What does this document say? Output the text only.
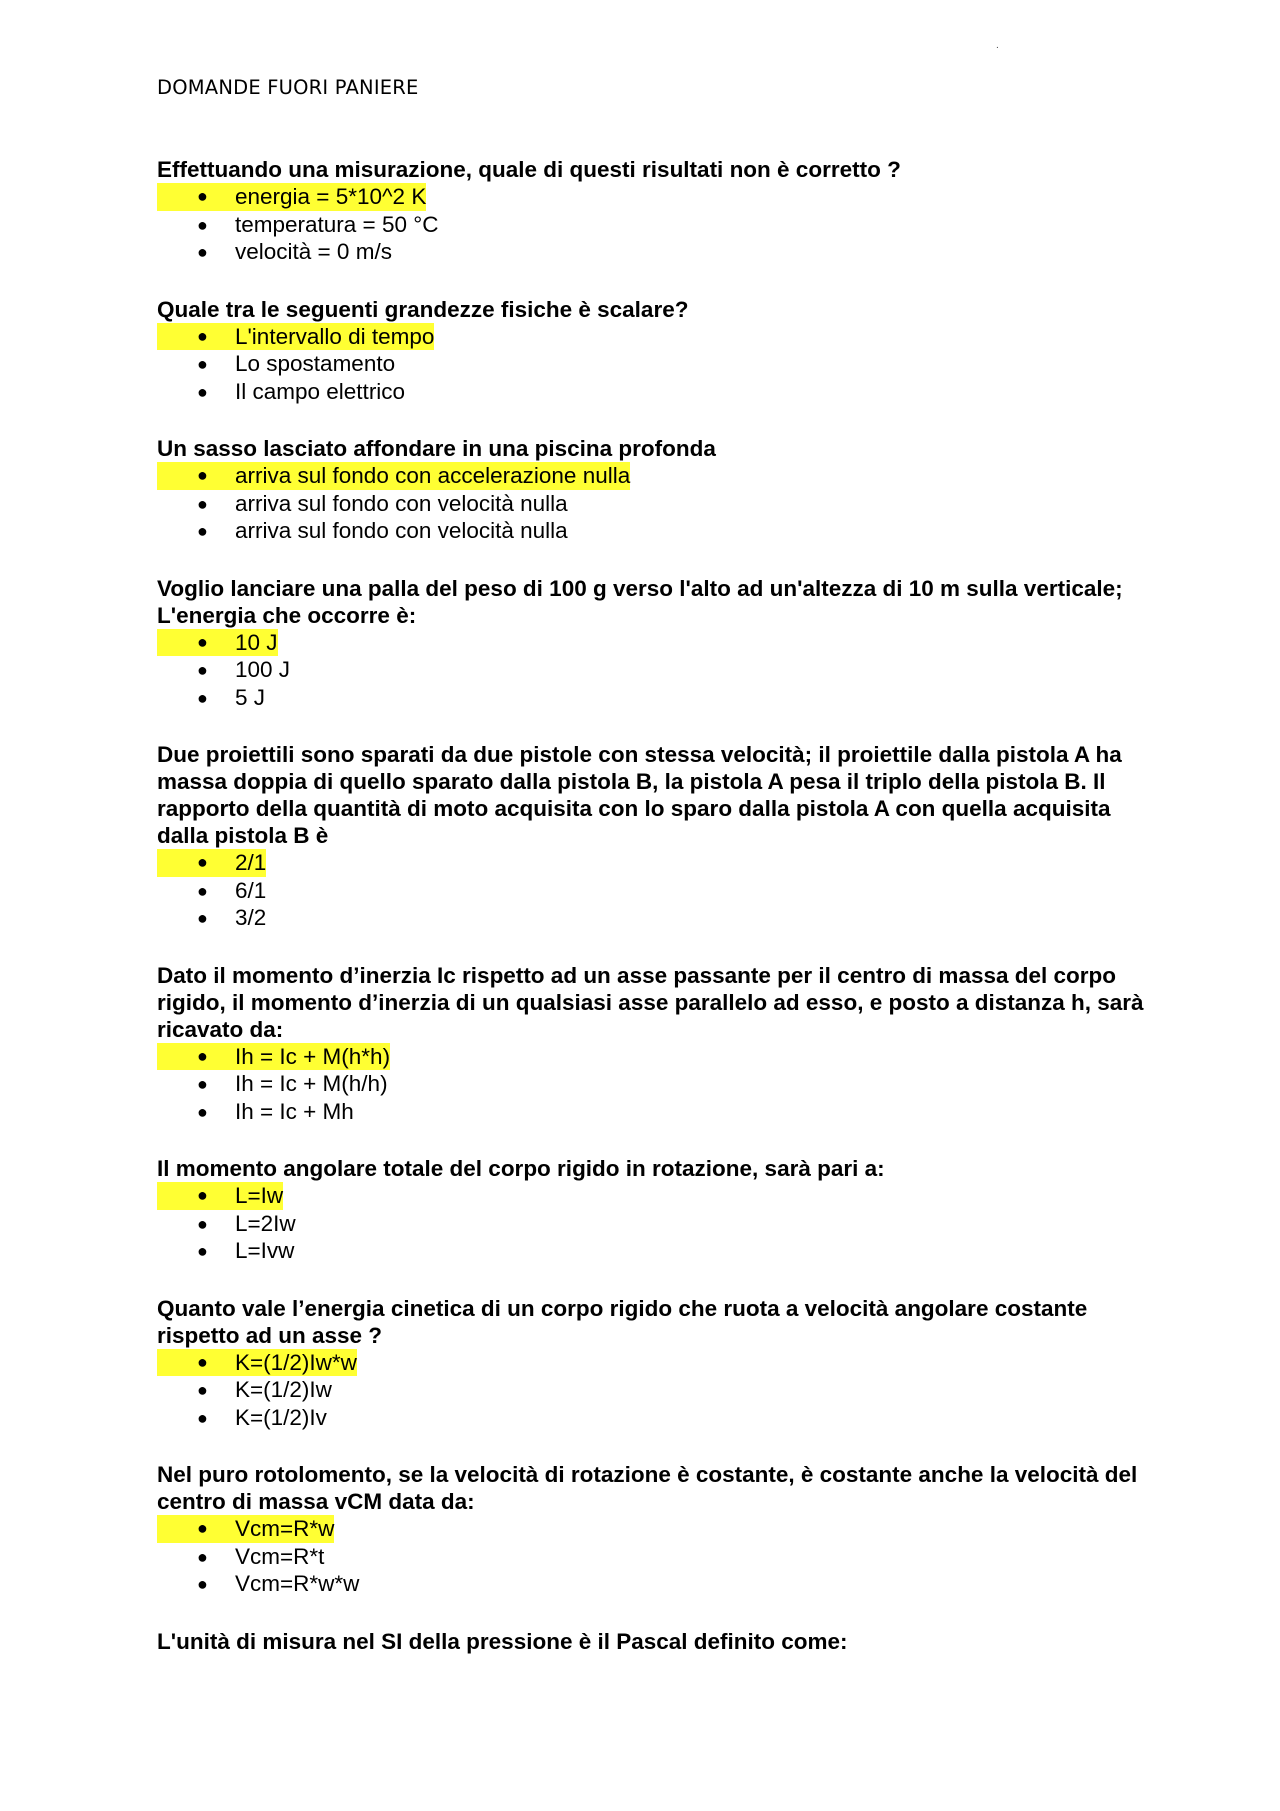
.
DOMANDE FUORI PANIERE

Effettuando una misurazione, quale di questi risultati non è corretto ?

●	energia = 5*10^2 K
●	temperatura = 50 °C
●	velocità = 0 m/s

Quale tra le seguenti grandezze fisiche è scalare?

●	L'intervallo di tempo
●	Lo spostamento
●	Il campo elettrico

Un sasso lasciato affondare in una piscina profonda

●	arriva sul fondo con accelerazione nulla
●	arriva sul fondo con velocità nulla
●	arriva sul fondo con velocità nulla

Voglio lanciare una palla del peso di 100 g verso l'alto ad un'altezza di 10 m sulla verticale; L'energia che occorre è:

●	10 J
●	100 J
●	5 J

Due proiettili sono sparati da due pistole con stessa velocità; il proiettile dalla pistola A ha massa doppia di quello sparato dalla pistola B, la pistola A pesa il triplo della pistola B. Il rapporto della quantità di moto acquisita con lo sparo dalla pistola A con quella acquisita dalla pistola B è

●	2/1
●	6/1
●	3/2

Dato il momento d’inerzia Ic rispetto ad un asse passante per il centro di massa del corpo rigido, il momento d’inerzia di un qualsiasi asse parallelo ad esso, e posto a distanza h, sarà ricavato da:

●	Ih = Ic + M(h*h)
●	Ih = Ic + M(h/h)
●	Ih = Ic + Mh

Il momento angolare totale del corpo rigido in rotazione, sarà pari a:

●	L=Iw
●	L=2Iw
●	L=Ivw

Quanto vale l’energia cinetica di un corpo rigido che ruota a velocità angolare costante rispetto ad un asse ?

●	K=(1/2)Iw*w
●	K=(1/2)Iw
●	K=(1/2)Iv

Nel puro rotolomento, se la velocità di rotazione è costante, è costante anche la velocità del centro di massa vCM data da:

●	Vcm=R*w
●	Vcm=R*t
●	Vcm=R*w*w

L'unità di misura nel SI della pressione è il Pascal definito come:
